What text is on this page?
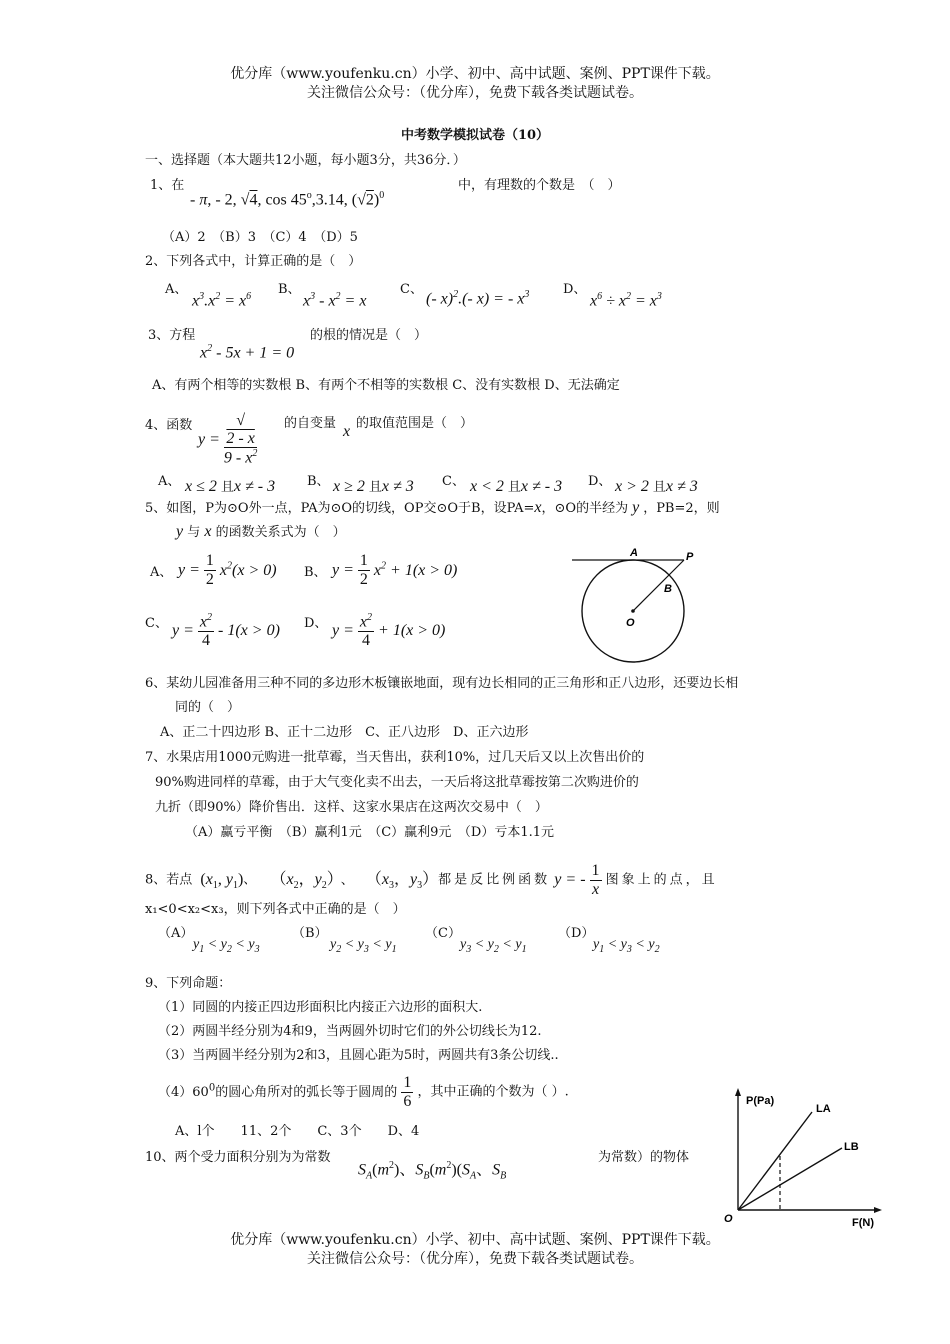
优分库（www.youfenku.cn）小学、初中、高中试题、案例、PPT课件下载。
关注微信公众号：（优分库），免费下载各类试题试卷。
中考数学模拟试卷（10）
一、选择题（本大题共12小题，每小题3分，共36分．）
1、在
- π, - 2, √4, cos 45$^o$,3.14, $(√2)^0$
中，有理数的个数是　（　）
（A）2　（B）3　（C）4　（D）5
2、下列各式中，计算正确的是（　）
A、
$x^3.x^2 = x^6$ B、
$x^3 - x^2 = x$
C、
(- x)$^2$.(- x) = - $x^3$	D、
$x^6 \div x^2 = x^3$
3、方程
$x^2 - 5x + 1 = 0$
的根的情况是（　）
A、有两个相等的实数根 B、有两个不相等的实数根 C、没有实数根 D、无法确定
4、函数
y = √
2 - x
$9 - x^2$ 的自变量 x 的取值范围是（　）
A、 x ≤ 2 且x ≠ - 3 B、 x ≥ 2 且x ≠ 3 C、 x < 2 且x ≠ - 3 D、 x > 2 且x ≠ 3
5、如图，P为⊙O外一点，PA为⊙O的切线，OP交⊙O于B，设PA=x，⊙O的半经为 y ，PB=2，则
y 与 x 的函数关系式为（　）
A、 $y = \frac{1}{2} x^2(x > 0)$ B、 $y = \frac{1}{2} x^2 + 1(x > 0)$
C、 $y = \frac{x^2}{4} - 1(x > 0)$ D、 $y = \frac{x^2}{4} + 1(x > 0)$
A	P
B
O
6、某幼儿园准备用三种不同的多边形木板镶嵌地面，现有边长相同的正三角形和正八边形，还要边长相
同的（　）
A、正二十四边形 B、正十二边形　C、正八边形　D、正六边形
7、水果店用1000元购进一批草霉，当天售出，获利10%，过几天后又以上次售出价的
90%购进同样的草霉，由于大气变化卖不出去，一天后将这批草霉按第二次购进价的
九折（即90%）降价售出．这样、这家水果店在这两次交易中（　）
（A）赢亏平衡　（B）赢利1元　（C）赢利9元　（D）亏本1.1元
8、若点 ($x_1$, $y_1$)、 （$x_2$，$y_2$） 、 （$x_3$，$y_3$）都是反比例函数 y = - $\frac{1}{x}$ 图象上的点，且
x₁<0<x₂<x₃，则下列各式中正确的是（　）
（A）
$y_1 < y_2 < y_3$
（B）
$y_2 < y_3 < y_1$
（C）
$y_3 < y_2 < y_1$
（D）
$y_1 < y_3 < y_2$
9、下列命题：
（1）同圆的内接正四边形面积比内接正六边形的面积大.
（2）两圆半经分别为4和9，当两圆外切时它们的外公切线长为12.
（3）当两圆半经分别为2和3，且圆心距为5时，两圆共有3条公切线..
$(4)60^0$的圆心角所对的弧长等于圆周的 $\frac{1}{6}$ ，其中正确的个数为（ ）.
A、l个　　11、2个　　C、3个　　D、4
10、两个受力面积分别为为常数
$S_A(m^2)$、$S_B(m^2)(S_A$、$S_B$
为常数）的物体
P(Pa)
LA
LB
O	F(N)
优分库（www.youfenku.cn）小学、初中、高中试题、案例、PPT课件下载。
关注微信公众号：（优分库），免费下载各类试题试卷。
